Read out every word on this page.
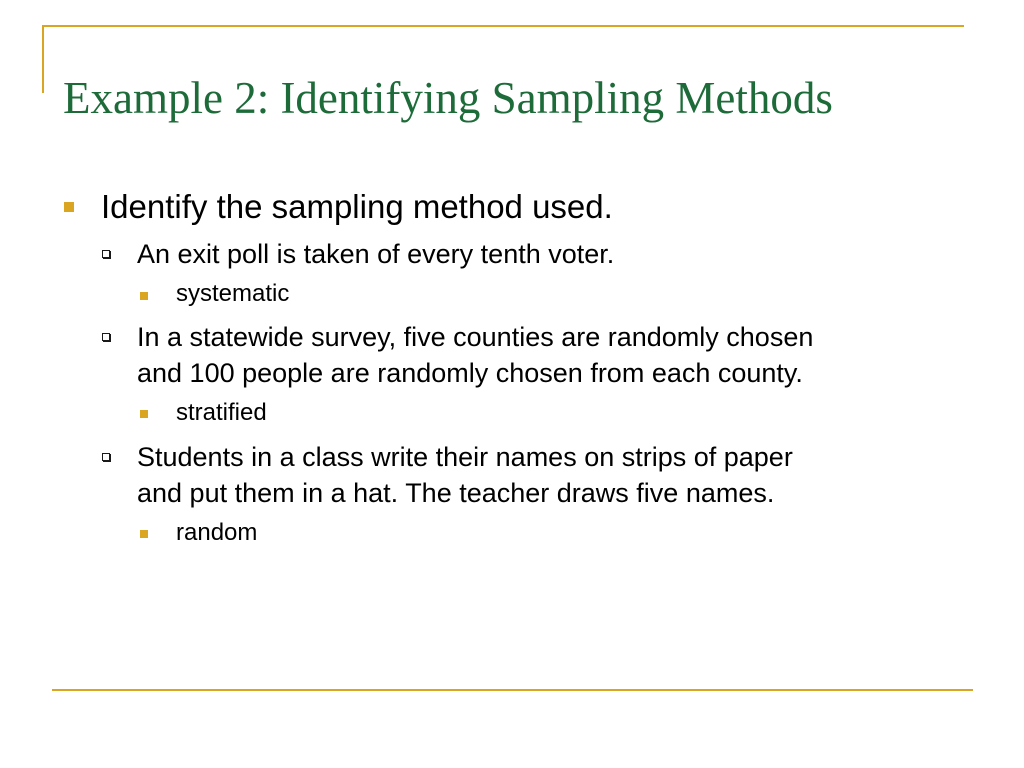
Example 2: Identifying Sampling Methods
Identify the sampling method used.
An exit poll is taken of every tenth voter.
systematic
In a statewide survey, five counties are randomly chosen
and 100 people are randomly chosen from each county.
stratified
Students in a class write their names on strips of paper
and put them in a hat. The teacher draws five names.
random
